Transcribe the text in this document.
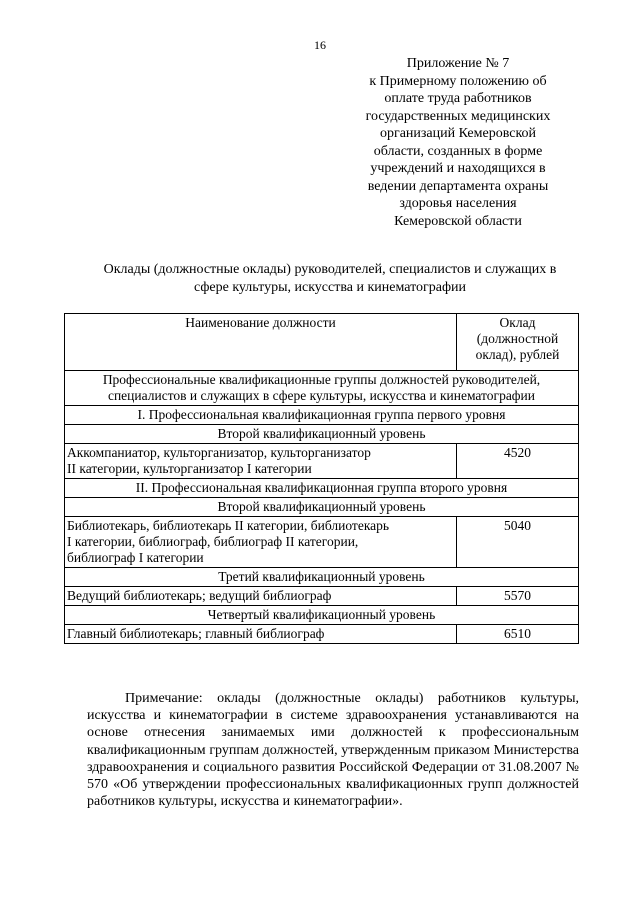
16
Приложение № 7
к Примерному положению об
оплате труда работников
государственных медицинских
организаций Кемеровской
области, созданных в форме
учреждений и находящихся в
ведении департамента охраны
здоровья населения
Кемеровской области
Оклады (должностные оклады) руководителей, специалистов и служащих в
сфере культуры, искусства и кинематографии
Наименование должности	Оклад
(должностной
оклад), рублей

Профессиональные квалификационные группы должностей руководителей,
специалистов и служащих в сфере культуры, искусства и кинематографии	

I. Профессиональная квалификационная группа первого уровня	
Второй квалификационный уровень	

Аккомпаниатор, культорганизатор, культорганизатор
II категории, культорганизатор I категории	4520
II. Профессиональная квалификационная группа второго уровня	
Второй квалификационный уровень	

Библиотекарь, библиотекарь II категории, библиотекарь
I категории, библиограф, библиограф II категории,
библиограф I категории	5040
Третий квалификационный уровень	
Ведущий библиотекарь; ведущий библиограф	5570
Четвертый квалификационный уровень	
Главный библиотекарь; главный библиограф	6510

Примечание: оклады (должностные оклады) работников культуры, искусства и кинематографии в системе здравоохранения устанавливаются на основе отнесения занимаемых ими должностей к профессиональным квалификационным группам должностей, утвержденным приказом Министерства здравоохранения и социального развития Российской Федерации от 31.08.2007 № 570 «Об утверждении профессиональных квалификационных групп должностей работников культуры, искусства и кинематографии».
